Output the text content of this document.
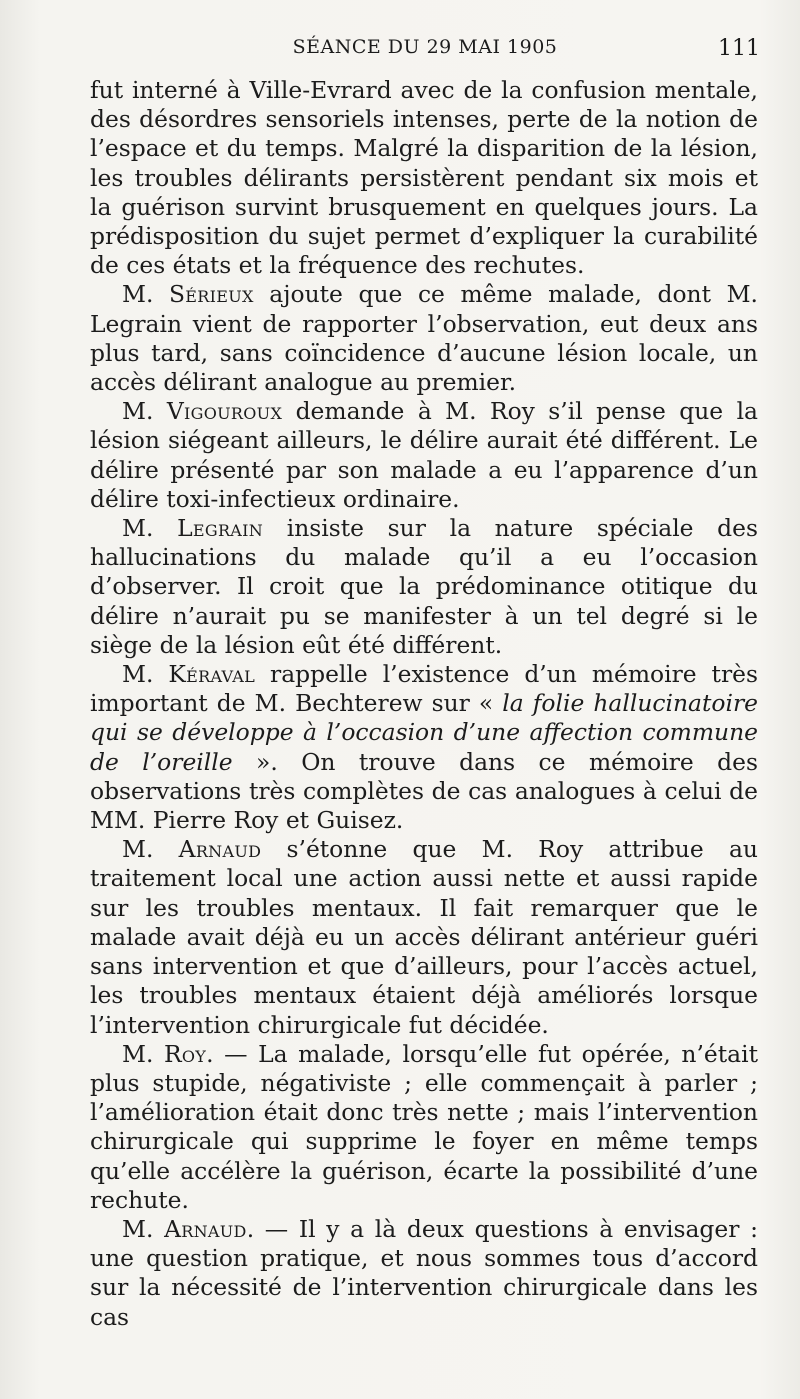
SÉANCE DU 29 MAI 1905	111

fut interné à Ville-Evrard avec de la confusion mentale, des désordres sensoriels intenses, perte de la notion de l’espace et du temps. Malgré la disparition de la lésion, les troubles délirants persistèrent pendant six mois et la guérison survint brusquement en quelques jours. La prédisposition du sujet permet d’expliquer la curabilité de ces états et la fréquence des rechutes.

M. Sérieux ajoute que ce même malade, dont M. Legrain vient de rapporter l’observation, eut deux ans plus tard, sans coïncidence d’aucune lésion locale, un accès délirant analogue au premier.

M. Vigouroux demande à M. Roy s’il pense que la lésion siégeant ailleurs, le délire aurait été différent. Le délire présenté par son malade a eu l’apparence d’un délire toxi-infectieux ordinaire.

M. Legrain insiste sur la nature spéciale des hallucinations du malade qu’il a eu l’occasion d’observer. Il croit que la prédominance otitique du délire n’aurait pu se manifester à un tel degré si le siège de la lésion eût été différent.

M. Kéraval rappelle l’existence d’un mémoire très important de M. Bechterew sur « la folie hallucinatoire qui se développe à l’occasion d’une affection commune de l’oreille ». On trouve dans ce mémoire des observations très complètes de cas analogues à celui de MM. Pierre Roy et Guisez.

M. Arnaud s’étonne que M. Roy attribue au traitement local une action aussi nette et aussi rapide sur les troubles mentaux. Il fait remarquer que le malade avait déjà eu un accès délirant antérieur guéri sans intervention et que d’ailleurs, pour l’accès actuel, les troubles mentaux étaient déjà améliorés lorsque l’intervention chirurgicale fut décidée.

M. Roy. — La malade, lorsqu’elle fut opérée, n’était plus stupide, négativiste ; elle commençait à parler ; l’amélioration était donc très nette ; mais l’intervention chirurgicale qui supprime le foyer en même temps qu’elle accélère la guérison, écarte la possibilité d’une rechute.

M. Arnaud. — Il y a là deux questions à envisager : une question pratique, et nous sommes tous d’accord sur la nécessité de l’intervention chirurgicale dans les cas
